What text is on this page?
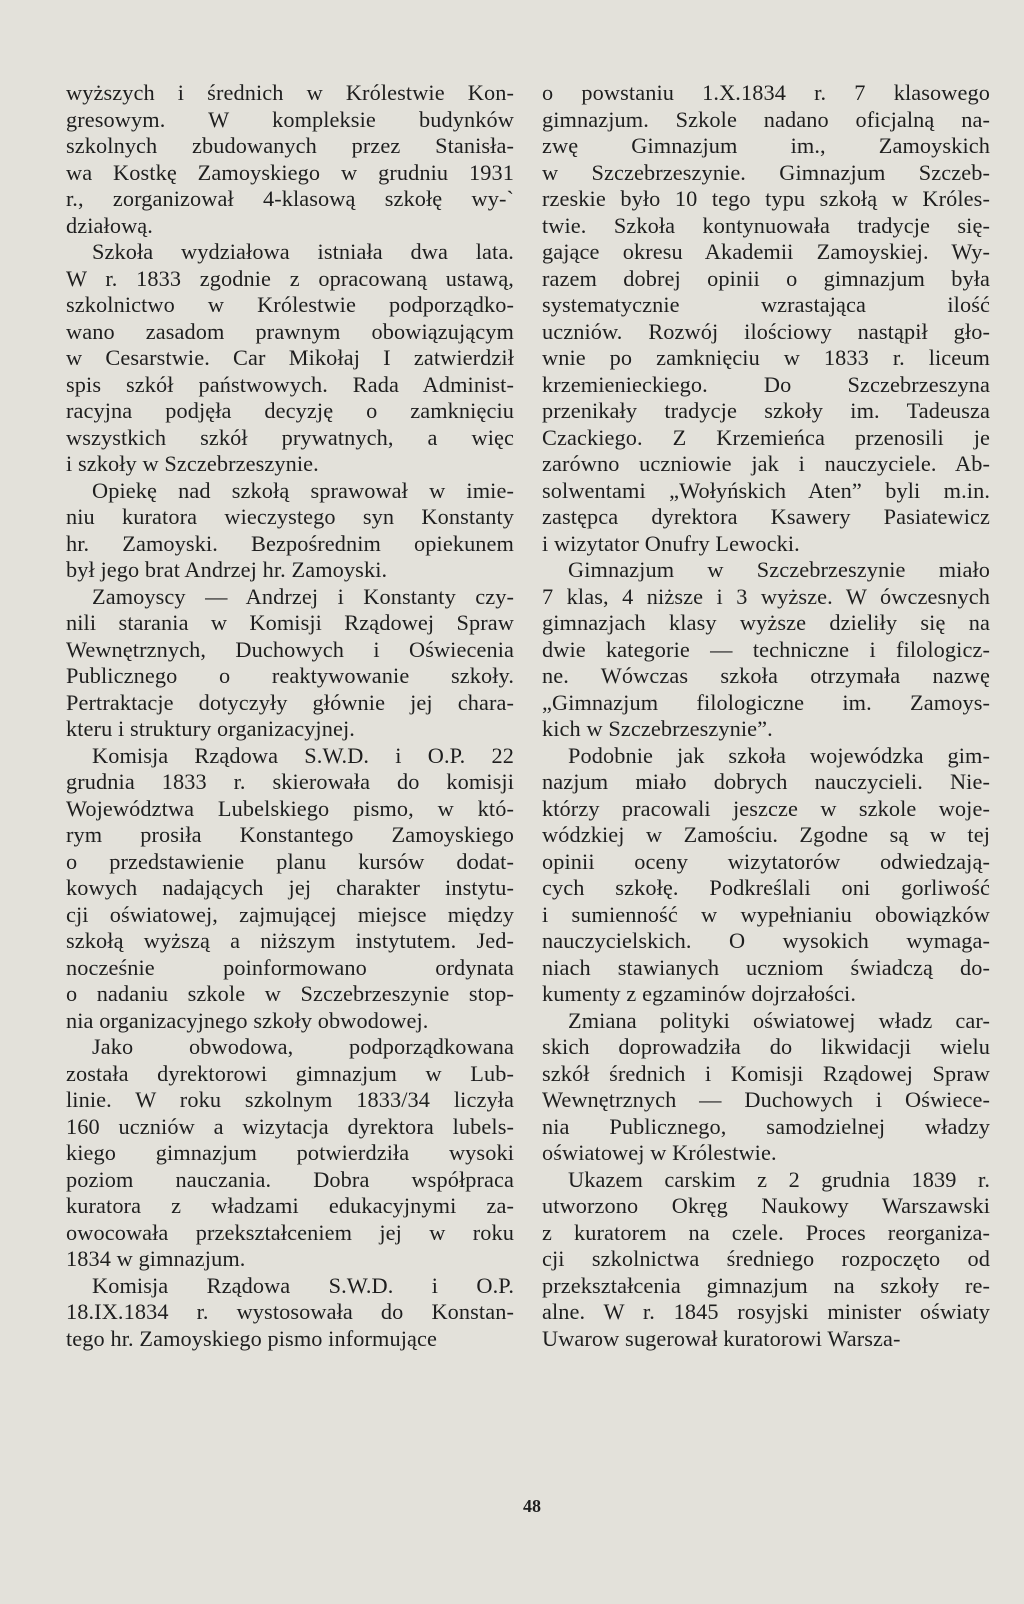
wyższych i średnich w Królestwie Kon-
gresowym. W kompleksie budynków
szkolnych zbudowanych przez Stanisła-
wa Kostkę Zamoyskiego w grudniu 1931
r., zorganizował 4-klasową szkołę wy-`
działową.
Szkoła wydziałowa istniała dwa lata.
W r. 1833 zgodnie z opracowaną ustawą,
szkolnictwo w Królestwie podporządko-
wano zasadom prawnym obowiązującym
w Cesarstwie. Car Mikołaj I zatwierdził
spis szkół państwowych. Rada Administ-
racyjna podjęła decyzję o zamknięciu
wszystkich szkół prywatnych, a więc
i szkoły w Szczebrzeszynie.
Opiekę nad szkołą sprawował w imie-
niu kuratora wieczystego syn Konstanty
hr. Zamoyski. Bezpośrednim opiekunem
był jego brat Andrzej hr. Zamoyski.
Zamoyscy — Andrzej i Konstanty czy-
nili starania w Komisji Rządowej Spraw
Wewnętrznych, Duchowych i Oświecenia
Publicznego o reaktywowanie szkoły.
Pertraktacje dotyczyły głównie jej chara-
kteru i struktury organizacyjnej.
Komisja Rządowa S.W.D. i O.P. 22
grudnia 1833 r. skierowała do komisji
Województwa Lubelskiego pismo, w któ-
rym prosiła Konstantego Zamoyskiego
o przedstawienie planu kursów dodat-
kowych nadających jej charakter instytu-
cji oświatowej, zajmującej miejsce między
szkołą wyższą a niższym instytutem. Jed-
nocześnie poinformowano ordynata
o nadaniu szkole w Szczebrzeszynie stop-
nia organizacyjnego szkoły obwodowej.
Jako obwodowa, podporządkowana
została dyrektorowi gimnazjum w Lub-
linie. W roku szkolnym 1833/34 liczyła
160 uczniów a wizytacja dyrektora lubels-
kiego gimnazjum potwierdziła wysoki
poziom nauczania. Dobra współpraca
kuratora z władzami edukacyjnymi za-
owocowała przekształceniem jej w roku
1834 w gimnazjum.
Komisja Rządowa S.W.D. i O.P.
18.IX.1834 r. wystosowała do Konstan-
tego hr. Zamoyskiego pismo informujące
o powstaniu 1.X.1834 r. 7 klasowego
gimnazjum. Szkole nadano oficjalną na-
zwę Gimnazjum im., Zamoyskich
w Szczebrzeszynie. Gimnazjum Szczeb-
rzeskie było 10 tego typu szkołą w Króles-
twie. Szkoła kontynuowała tradycje się-
gające okresu Akademii Zamoyskiej. Wy-
razem dobrej opinii o gimnazjum była
systematycznie wzrastająca ilość
uczniów. Rozwój ilościowy nastąpił gło-
wnie po zamknięciu w 1833 r. liceum
krzemienieckiego. Do Szczebrzeszyna
przenikały tradycje szkoły im. Tadeusza
Czackiego. Z Krzemieńca przenosili je
zarówno uczniowie jak i nauczyciele. Ab-
solwentami „Wołyńskich Aten” byli m.in.
zastępca dyrektora Ksawery Pasiatewicz
i wizytator Onufry Lewocki.
Gimnazjum w Szczebrzeszynie miało
7 klas, 4 niższe i 3 wyższe. W ówczesnych
gimnazjach klasy wyższe dzieliły się na
dwie kategorie — techniczne i filologicz-
ne. Wówczas szkoła otrzymała nazwę
„Gimnazjum filologiczne im. Zamoys-
kich w Szczebrzeszynie”.
Podobnie jak szkoła wojewódzka gim-
nazjum miało dobrych nauczycieli. Nie-
którzy pracowali jeszcze w szkole woje-
wódzkiej w Zamościu. Zgodne są w tej
opinii oceny wizytatorów odwiedzają-
cych szkołę. Podkreślali oni gorliwość
i sumienność w wypełnianiu obowiązków
nauczycielskich. O wysokich wymaga-
niach stawianych uczniom świadczą do-
kumenty z egzaminów dojrzałości.
Zmiana polityki oświatowej władz car-
skich doprowadziła do likwidacji wielu
szkół średnich i Komisji Rządowej Spraw
Wewnętrznych — Duchowych i Oświece-
nia Publicznego, samodzielnej władzy
oświatowej w Królestwie.
Ukazem carskim z 2 grudnia 1839 r.
utworzono Okręg Naukowy Warszawski
z kuratorem na czele. Proces reorganiza-
cji szkolnictwa średniego rozpoczęto od
przekształcenia gimnazjum na szkoły re-
alne. W r. 1845 rosyjski minister oświaty
Uwarow sugerował kuratorowi Warsza-
48
